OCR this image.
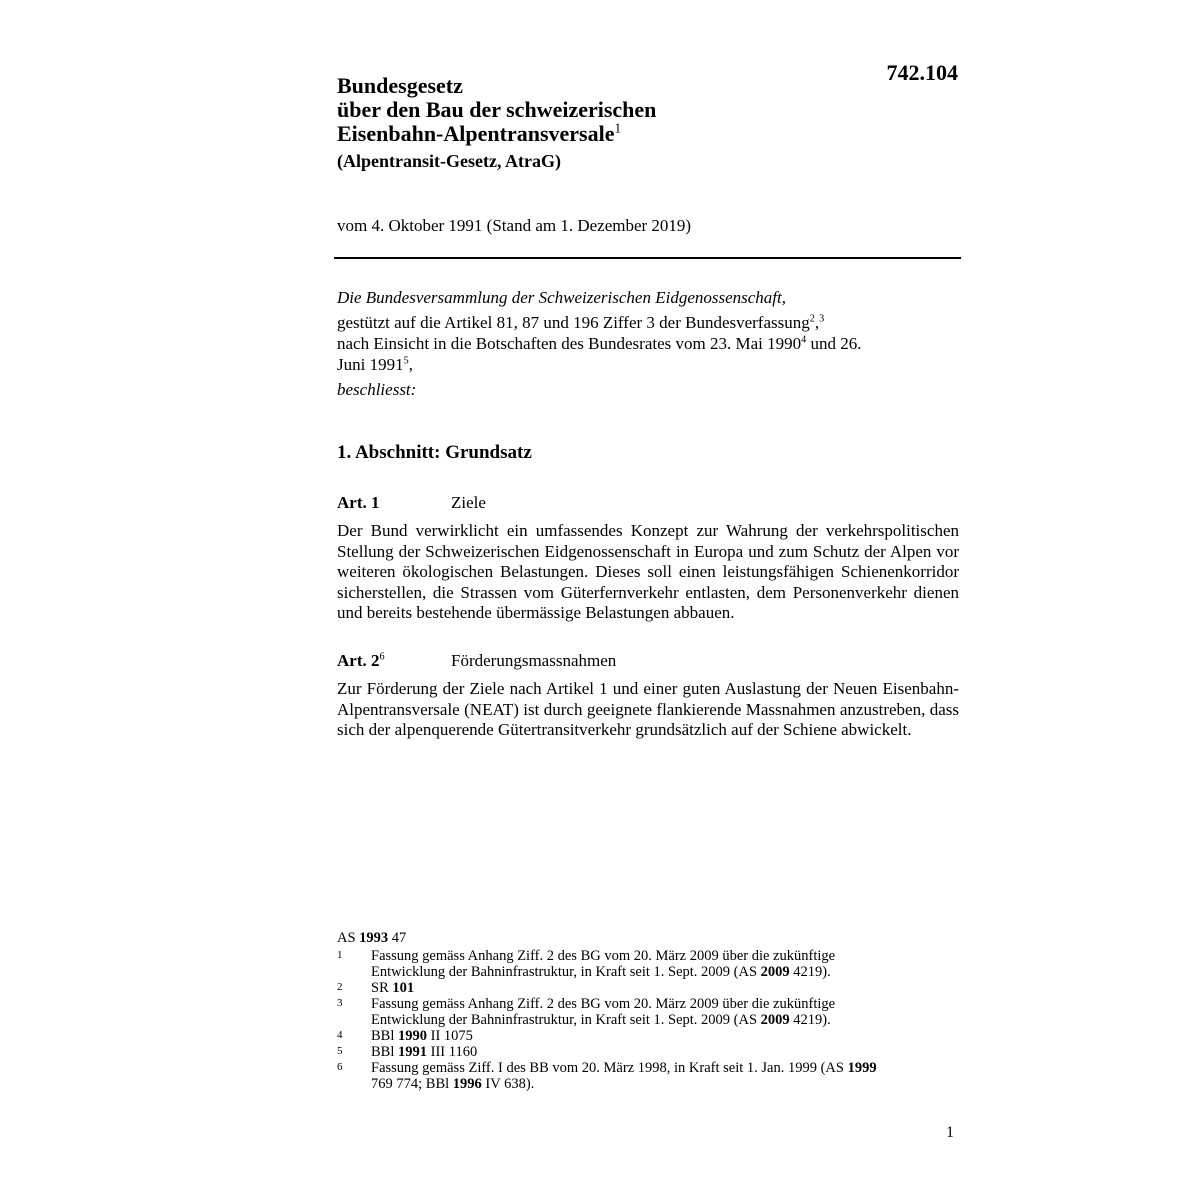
742.104
Bundesgesetz
über den Bau der schweizerischen
Eisenbahn-Alpentransversale$^1$
(Alpentransit-Gesetz, AtraG)
vom 4. Oktober 1991 (Stand am 1. Dezember 2019)
Die Bundesversammlung der Schweizerischen Eidgenossenschaft,
gestützt auf die Artikel 81, 87 und 196 Ziffer 3 der Bundesverfassung$^2$,$^3$
nach Einsicht in die Botschaften des Bundesrates vom 23. Mai 1990$^4$ und 26. Juni 1991$^5$,
beschliesst:
1. Abschnitt: Grundsatz
Art. 1	Ziele
Der Bund verwirklicht ein umfassendes Konzept zur Wahrung der verkehrspolitischen Stellung der Schweizerischen Eidgenossenschaft in Europa und zum Schutz der Alpen vor weiteren ökologischen Belastungen. Dieses soll einen leistungsfähigen Schienenkorridor sicherstellen, die Strassen vom Güterfernverkehr entlasten, dem Personenverkehr dienen und bereits bestehende übermässige Belastungen abbauen.
Art. $2^6$	Förderungsmassnahmen
Zur Förderung der Ziele nach Artikel 1 und einer guten Auslastung der Neuen Eisenbahn-Alpentransversale (NEAT) ist durch geeignete flankierende Massnahmen anzustreben, dass sich der alpenquerende Gütertransitverkehr grundsätzlich auf der Schiene abwickelt.
AS 1993 47
1	Fassung gemäss Anhang Ziff. 2 des BG vom 20. März 2009 über die zukünftige Entwicklung der Bahninfrastruktur, in Kraft seit 1. Sept. 2009 (AS 2009 4219).
2	SR 101
3	Fassung gemäss Anhang Ziff. 2 des BG vom 20. März 2009 über die zukünftige Entwicklung der Bahninfrastruktur, in Kraft seit 1. Sept. 2009 (AS 2009 4219).
4	BBl 1990 II 1075
5	BBl 1991 III 1160
6	Fassung gemäss Ziff. I des BB vom 20. März 1998, in Kraft seit 1. Jan. 1999 (AS 1999 769 774; BBl 1996 IV 638).
1
